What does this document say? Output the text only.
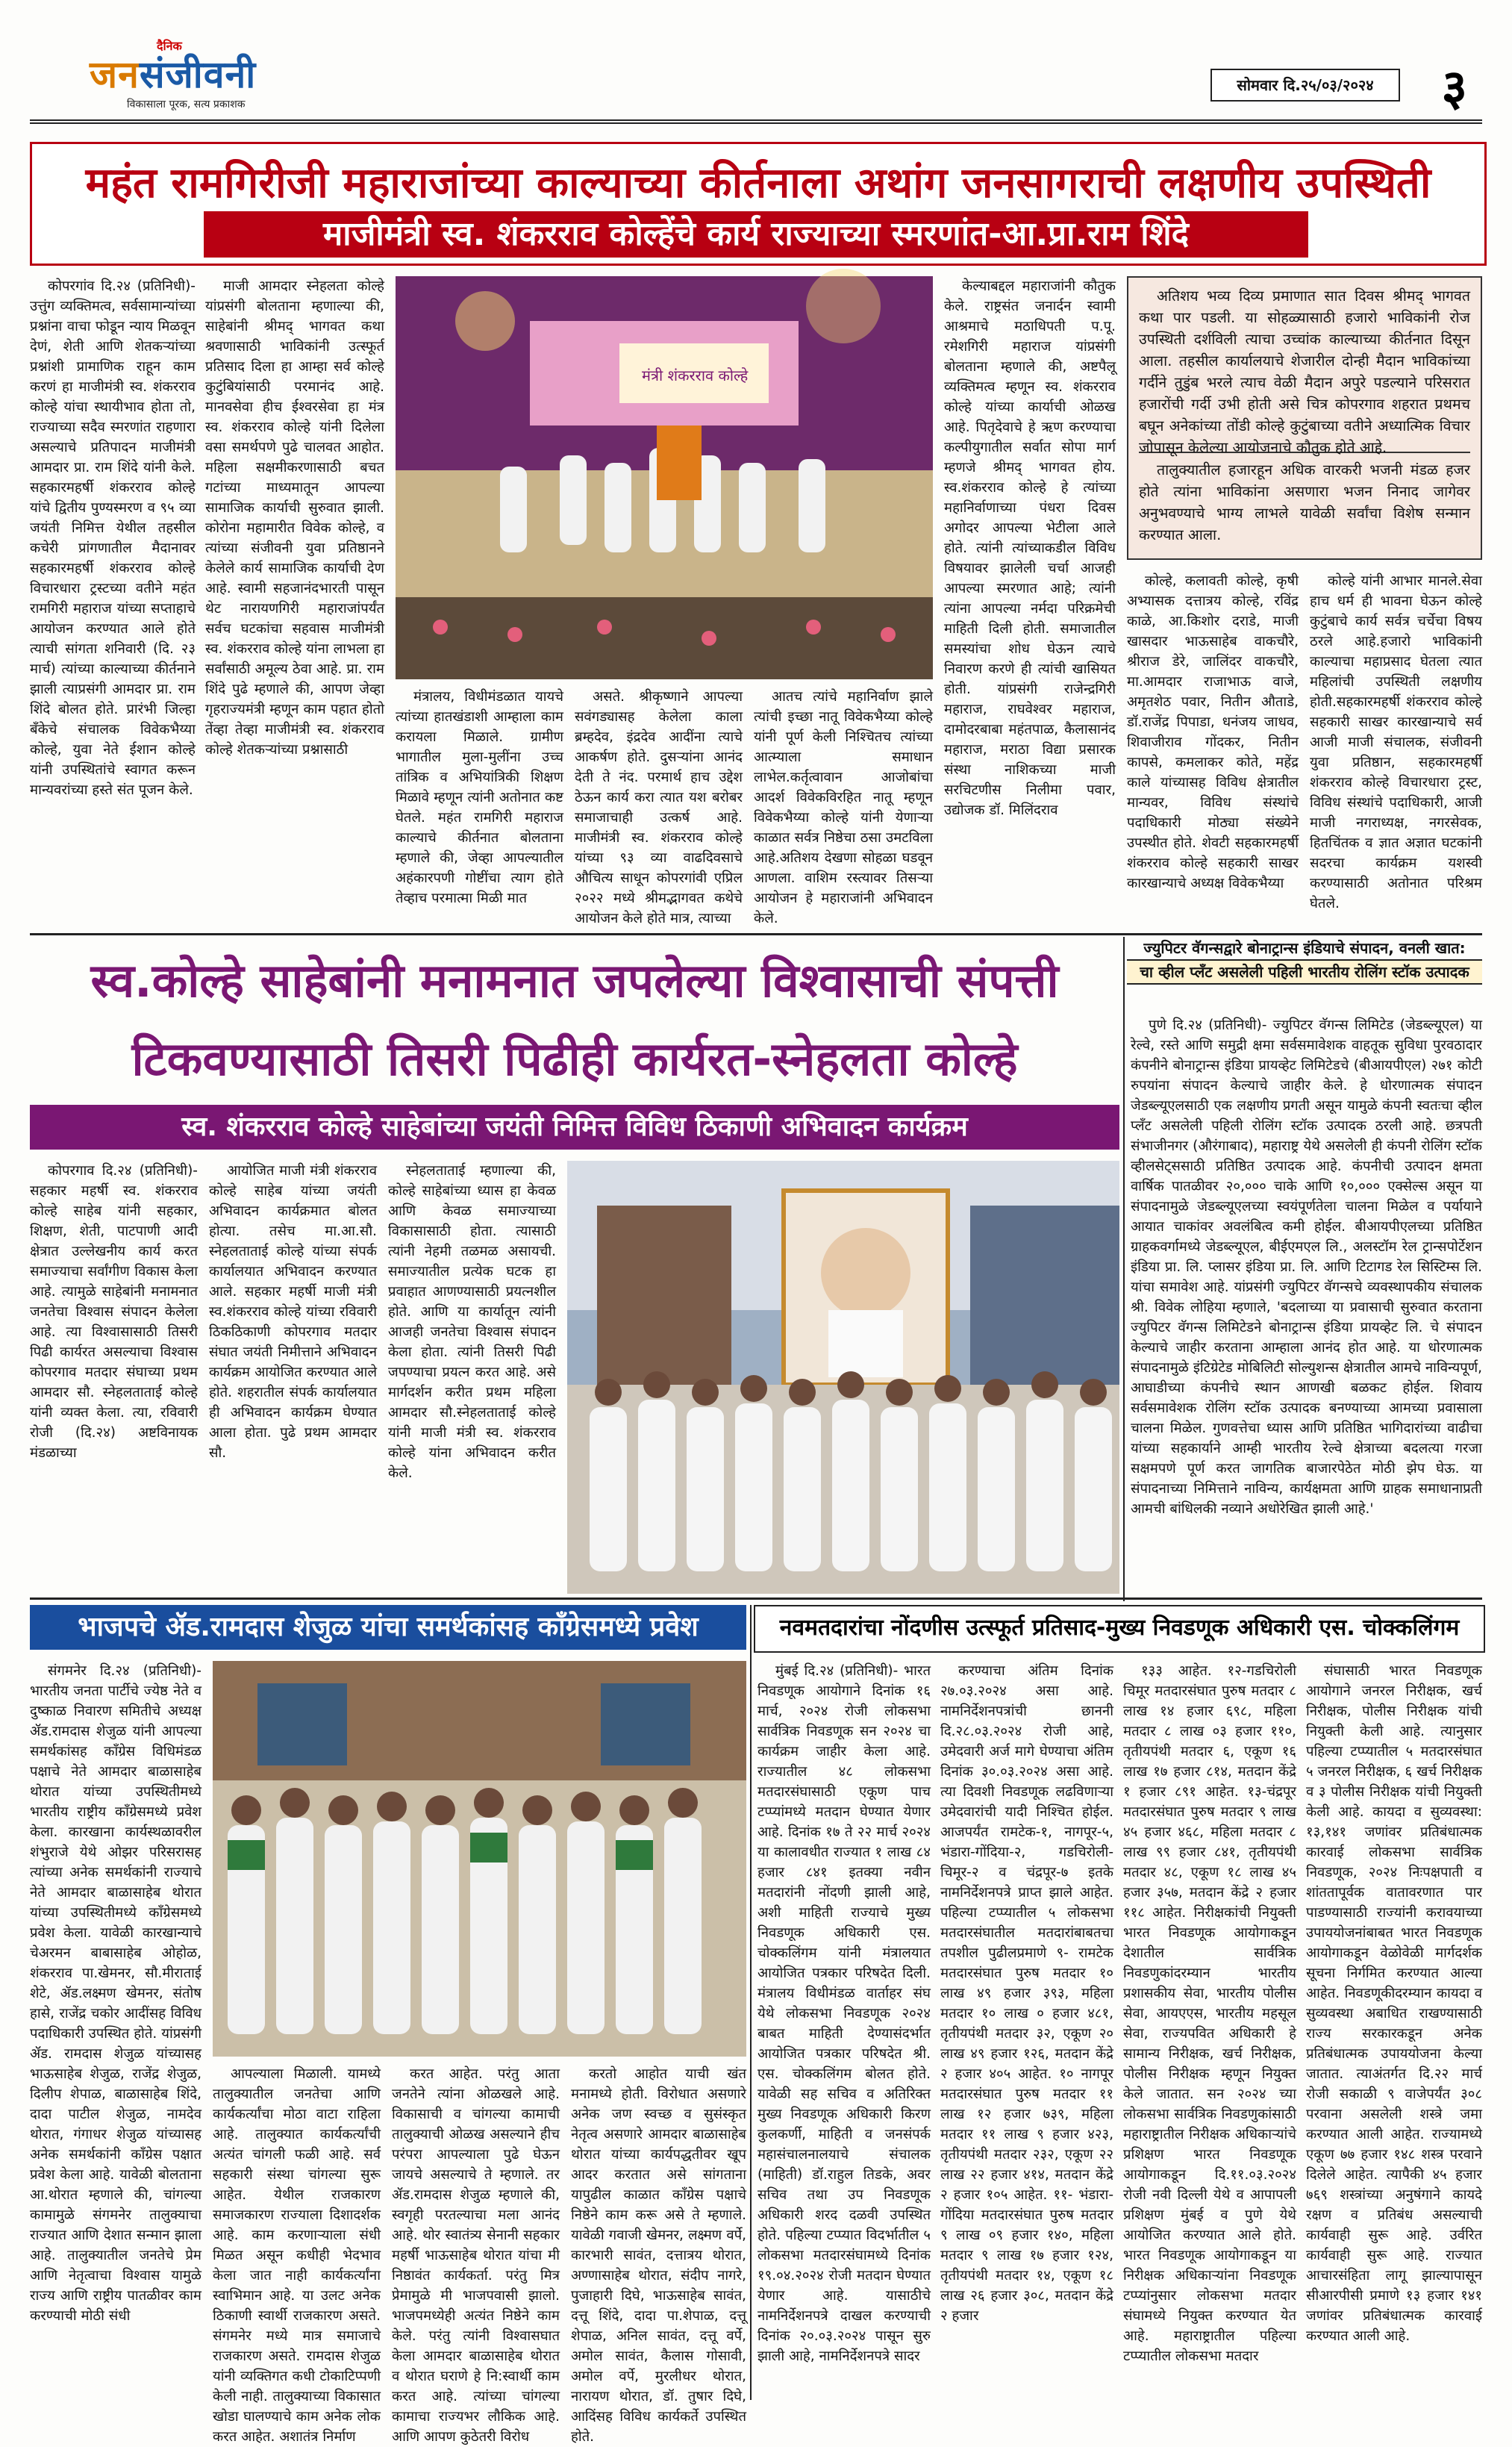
दैनिक
जनसंजीवनी
विकासाला पूरक, सत्य प्रकाशक
सोमवार दि.२५/०३/२०२४	३
महंत रामगिरीजी महाराजांच्या काल्याच्या कीर्तनाला अथांग जनसागराची लक्षणीय उपस्थिती
माजीमंत्री स्व. शंकरराव कोल्हेंचे कार्य राज्याच्या स्मरणांत-आ.प्रा.राम शिंदे

कोपरगांव दि.२४ (प्रतिनिधी)- उत्तुंग व्यक्तिमत्व, सर्वसामान्यांच्या प्रश्नांना वाचा फोडून न्याय मिळवून देणं, शेती आणि शेतकऱ्यांच्या प्रश्नांशी प्रामाणिक राहून काम करणं हा माजीमंत्री स्व. शंकरराव कोल्हे यांचा स्थायीभाव होता तो, राज्याच्या सदैव स्मरणांत राहणारा असल्याचे प्रतिपादन माजीमंत्री आमदार प्रा. राम शिंदे यांनी केले. सहकारमहर्षी शंकरराव कोल्हे यांचे द्वितीय पुण्यस्मरण व ९५ व्या जयंती निमित्त येथील तहसील कचेरी प्रांगणातील मैदानावर सहकारमहर्षी शंकरराव कोल्हे विचारधारा ट्रस्टच्या वतीने महंत रामगिरी महाराज यांच्या सप्ताहाचे आयोजन करण्यात आले होते त्याची सांगता शनिवारी (दि. २३ मार्च) त्यांच्या काल्याच्या कीर्तनाने झाली त्याप्रसंगी आमदार प्रा. राम शिंदे बोलत होते. प्रारंभी जिल्हा बँकेचे संचालक विवेकभैय्या कोल्हे, युवा नेते ईशान कोल्हे यांनी उपस्थितांचे स्वागत करून मान्यवरांच्या हस्ते संत पूजन केले.

माजी आमदार स्नेहलता कोल्हे यांप्रसंगी बोलताना म्हणाल्या की, साहेबांनी श्रीमद् भागवत कथा श्रवणासाठी भाविकांनी उत्स्फूर्त प्रतिसाद दिला हा आम्हा सर्व कोल्हे कुटुंबियांसाठी परमानंद आहे. मानवसेवा हीच ईश्वरसेवा हा मंत्र स्व. शंकरराव कोल्हे यांनी दिलेला वसा समर्थपणे पुढे चालवत आहोत. महिला सक्षमीकरणासाठी बचत गटांच्या माध्यमातून आपल्या सामाजिक कार्याची सुरुवात झाली. कोरोना महामारीत विवेक कोल्हे, व त्यांच्या संजीवनी युवा प्रतिष्ठानने केलेले कार्य सामाजिक कार्याची देण आहे. स्वामी सहजानंदभारती पासून थेट नारायणगिरी महाराजांपर्यंत सर्वच घटकांचा सहवास माजीमंत्री स्व. शंकरराव कोल्हे यांना लाभला हा सर्वांसाठी अमूल्य ठेवा आहे. प्रा. राम शिंदे पुढे म्हणाले की, आपण जेव्हा गृहराज्यमंत्री म्हणून काम पहात होतो तेंव्हा तेव्हा माजीमंत्री स्व. शंकरराव कोल्हे शेतकऱ्यांच्या प्रश्नासाठी

मंत्री शंकरराव कोल्हे

मंत्रालय, विधीमंडळात यायचे त्यांच्या हातखंडाशी आम्हाला काम करायला मिळाले. ग्रामीण भागातील मुला-मुलींना उच्च तांत्रिक व अभियांत्रिकी शिक्षण मिळावे म्हणून त्यांनी अतोनात कष्ट घेतले. महंत रामगिरी महाराज काल्याचे कीर्तनात बोलताना म्हणाले की, जेव्हा आपल्यातील अहंकारपणी गोष्टींचा त्याग होते तेव्हाच परमात्मा मिळी मात

असते. श्रीकृष्णाने आपल्या सवंगड्यासह केलेला काला ब्रम्हदेव, इंद्रदेव आदींना त्याचे आकर्षण होते. दुसऱ्यांना आनंद देती ते नंद. परमार्थ हाच उद्देश ठेऊन कार्य करा त्यात यश बरोबर समाजाचाही उत्कर्ष आहे. माजीमंत्री स्व. शंकरराव कोल्हे यांच्या ९३ व्या वाढदिवसाचे औचित्य साधून कोपरगांवी एप्रिल २०२२ मध्ये श्रीमद्भागवत कथेचे आयोजन केले होते मात्र, त्याच्या

आतच त्यांचे महानिर्वाण झाले त्यांची इच्छा नातू विवेकभैय्या कोल्हे यांनी पूर्ण केली निश्चितच त्यांच्या आत्म्याला समाधान लाभेल.कर्तृत्वावान आजोबांचा आदर्श विवेकविरहित नातू म्हणून विवेकभैय्या कोल्हे यांनी येणाऱ्या काळात सर्वत्र निष्ठेचा ठसा उमटविला आहे.अतिशय देखणा सोहळा घडवून आणला. वाशिम रस्त्यावर तिसऱ्या आयोजन हे महाराजांनी अभिवादन केले.

केल्याबद्दल महाराजांनी कौतुक केले. राष्ट्रसंत जनार्दन स्वामी आश्रमाचे मठाधिपती प.पू. रमेशगिरी महाराज यांप्रसंगी बोलताना म्हणाले की, अष्टपैलू व्यक्तिमत्व म्हणून स्व. शंकरराव कोल्हे यांच्या कार्याची ओळख आहे. पितृदेवाचे हे ऋण करण्याचा कल्पीयुगातील सर्वात सोपा मार्ग म्हणजे श्रीमद् भागवत होय. स्व.शंकरराव कोल्हे हे त्यांच्या महानिर्वाणाच्या पंधरा दिवस अगोदर आपल्या भेटीला आले होते. त्यांनी त्यांच्याकडील विविध विषयावर झालेली चर्चा आजही आपल्या स्मरणात आहे; त्यांनी त्यांना आपल्या नर्मदा परिक्रमेची माहिती दिली होती. समाजातील समस्यांचा शोध घेऊन त्याचे निवारण करणे ही त्यांची खासियत होती. यांप्रसंगी राजेन्द्रगिरी महाराज, राघवेश्वर महाराज, दामोदरबाबा महंतपाळ, कैलासानंद महाराज, मराठा विद्या प्रसारक संस्था नाशिकच्या माजी सरचिटणीस निलीमा पवार, उद्योजक डॉ. मिलिंदराव

अतिशय भव्य दिव्य प्रमाणात सात दिवस श्रीमद् भागवत कथा पार पडली. या सोहळ्यासाठी हजारो भाविकांनी रोज उपस्थिती दर्शविली त्याचा उच्चांक काल्याच्या कीर्तनात दिसून आला. तहसील कार्यालयाचे शेजारील दोन्ही मैदान भाविकांच्या गर्दीने तुडुंब भरले त्याच वेळी मैदान अपुरे पडल्याने परिसरात हजारोंची गर्दी उभी होती असे चित्र कोपरगाव शहरात प्रथमच बघून अनेकांच्या तोंडी कोल्हे कुटुंबाच्या वतीने अध्यात्मिक विचार जोपासून केलेल्या आयोजनाचे कौतुक होते आहे.

तालुक्यातील हजारहून अधिक वारकरी भजनी मंडळ हजर होते त्यांना भाविकांना असणारा भजन निनाद जागेवर अनुभवण्याचे भाग्य लाभले यावेळी सर्वांचा विशेष सन्मान करण्यात आला.

कोल्हे, कलावती कोल्हे, कृषी अभ्यासक दत्तात्रय कोल्हे, रविंद्र काळे, आ.किशोर दराडे, माजी खासदार भाऊसाहेब वाकचौरे, श्रीराज डेरे, जालिंदर वाकचौरे, मा.आमदार राजाभाऊ वाजे, अमृतशेठ पवार, नितीन औताडे, डॉ.राजेंद्र पिपाडा, धनंजय जाधव, शिवाजीराव गोंदकर, नितीन कापसे, कमलाकर कोते, महेंद्र काले यांच्यासह विविध क्षेत्रातील मान्यवर, विविध संस्थांचे पदाधिकारी मोठ्या संख्येने उपस्थीत होते. शेवटी सहकारमहर्षी शंकरराव कोल्हे सहकारी साखर कारखान्याचे अध्यक्ष विवेकभैय्या

कोल्हे यांनी आभार मानले.सेवा हाच धर्म ही भावना घेऊन कोल्हे कुटुंबाचे कार्य सर्वत्र चर्चेचा विषय ठरले आहे.हजारो भाविकांनी काल्याचा महाप्रसाद घेतला त्यात महिलांची उपस्थिती लक्षणीय होती.सहकारमहर्षी शंकरराव कोल्हे सहकारी साखर कारखान्याचे सर्व आजी माजी संचालक, संजीवनी युवा प्रतिष्ठान, सहकारमहर्षी शंकरराव कोल्हे विचारधारा ट्रस्ट, विविध संस्थांचे पदाधिकारी, आजी माजी नगराध्यक्ष, नगरसेवक, हितचिंतक व ज्ञात अज्ञात घटकांनी सदरचा कार्यक्रम यशस्वी करण्यासाठी अतोनात परिश्रम घेतले.

स्व.कोल्हे साहेबांनी मनामनात जपलेल्या विश्वासाची संपत्ती
टिकवण्यासाठी तिसरी पिढीही कार्यरत-स्नेहलता कोल्हे
स्व. शंकरराव कोल्हे साहेबांच्या जयंती निमित्त विविध ठिकाणी अभिवादन कार्यक्रम

कोपरगाव दि.२४ (प्रतिनिधी)- सहकार महर्षी स्व. शंकरराव कोल्हे साहेब यांनी सहकार, शिक्षण, शेती, पाटपाणी आदी क्षेत्रात उल्लेखनीय कार्य करत समाज्याचा सर्वांगीण विकास केला आहे. त्यामुळे साहेबांनी मनामनात जनतेचा विश्वास संपादन केलेला आहे. त्या विश्वासासाठी तिसरी पिढी कार्यरत असल्याचा विश्वास कोपरगाव मतदार संघाच्या प्रथम आमदार सौ. स्नेहलताताई कोल्हे यांनी व्यक्त केला. त्या, रविवारी रोजी (दि.२४) अष्टविनायक मंडळाच्या

आयोजित माजी मंत्री शंकरराव कोल्हे साहेब यांच्या जयंती अभिवादन कार्यक्रमात बोलत होत्या. तसेच मा.आ.सौ. स्नेहलताताई कोल्हे यांच्या संपर्क कार्यालयात अभिवादन करण्यात आले. सहकार महर्षी माजी मंत्री स्व.शंकरराव कोल्हे यांच्या रविवारी ठिकठिकाणी कोपरगाव मतदार संघात जयंती निमीत्ताने अभिवादन कार्यक्रम आयोजित करण्यात आले होते. शहरातील संपर्क कार्यालयात ही अभिवादन कार्यक्रम घेण्यात आला होता. पुढे प्रथम आमदार सौ.

स्नेहलताताई म्हणाल्या की, कोल्हे साहेबांच्या ध्यास हा केवळ आणि केवळ समाज्याच्या विकासासाठी होता. त्यासाठी त्यांनी नेहमी तळमळ असायची. समाज्यातील प्रत्येक घटक हा प्रवाहात आणण्यासाठी प्रयत्नशील होते. आणि या कार्यातून त्यांनी आजही जनतेचा विश्वास संपादन केला होता. त्यांनी तिसरी पिढी जपण्याचा प्रयत्न करत आहे. असे मार्गदर्शन करीत प्रथम महिला आमदार सौ.स्नेहलताताई कोल्हे यांनी माजी मंत्री स्व. शंकरराव कोल्हे यांना अभिवादन करीत केले.

ज्युपिटर वॅगन्सद्वारे बोनाट्रान्स इंडियाचे संपादन, वनली खात:
चा व्हील प्लॅंट असलेली पहिली भारतीय रोलिंग स्टॉक उत्पादक

पुणे दि.२४ (प्रतिनिधी)- ज्युपिटर वॅगन्स लिमिटेड (जेडब्ल्यूएल) या रेल्वे, रस्ते आणि समुद्री क्षमा सर्वसमावेशक वाहतूक सुविधा पुरवठादार कंपनीने बोनाट्रान्स इंडिया प्रायव्हेट लिमिटेडचे (बीआयपीएल) २७१ कोटी रुपयांना संपादन केल्याचे जाहीर केले. हे धोरणात्मक संपादन जेडब्ल्यूएलसाठी एक लक्षणीय प्रगती असून यामुळे कंपनी स्वतःचा व्हील प्लँट असलेली पहिली रोलिंग स्टॉक उत्पादक ठरली आहे. छत्रपती संभाजीनगर (औरंगाबाद), महाराष्ट्र येथे असलेली ही कंपनी रोलिंग स्टॉक व्हीलसेट्ससाठी प्रतिष्ठित उत्पादक आहे. कंपनीची उत्पादन क्षमता वार्षिक पातळीवर २०,००० चाके आणि १०,००० एक्सेल्स असून या संपादनामुळे जेडब्ल्यूएलच्या स्वयंपूर्णतेला चालना मिळेल व पर्यायाने आयात चाकांवर अवलंबित्व कमी होईल. बीआयपीएलच्या प्रतिष्ठित ग्राहकवर्गामध्ये जेडब्ल्यूएल, बीईएमएल लि., अलस्टॉम रेल ट्रान्सपोर्टेशन इंडिया प्रा. लि. प्लासर इंडिया प्रा. लि. आणि टिटागड रेल सिस्टिम्स लि. यांचा समावेश आहे. यांप्रसंगी ज्युपिटर वॅगन्सचे व्यवस्थापकीय संचालक श्री. विवेक लोहिया म्हणाले, 'बदलाच्या या प्रवासाची सुरुवात करताना ज्युपिटर वॅगन्स लिमिटेडने बोनाट्रान्स इंडिया प्रायव्हेट लि. चे संपादन केल्याचे जाहीर करताना आम्हाला आनंद होत आहे. या धोरणात्मक संपादनामुळे इंटिग्रेटेड मोबिलिटी सोल्युशन्स क्षेत्रातील आमचे नाविन्यपूर्ण, आघाडीच्या कंपनीचे स्थान आणखी बळकट होईल. शिवाय सर्वसमावेशक रोलिंग स्टॉक उत्पादक बनण्याच्या आमच्या प्रवासाला चालना मिळेल. गुणवत्तेचा ध्यास आणि प्रतिष्ठित भागिदारांच्या वाढीचा यांच्या सहकार्याने आम्ही भारतीय रेल्वे क्षेत्राच्या बदलत्या गरजा सक्षमपणे पूर्ण करत जागतिक बाजारपेठेत मोठी झेप घेऊ. या संपादनाच्या निमित्ताने नाविन्य, कार्यक्षमता आणि ग्राहक समाधानाप्रती आमची बांधिलकी नव्याने अधोरेखित झाली आहे.'

भाजपचे ॲड.रामदास शेजुळ यांचा समर्थकांसह काँग्रेसमध्ये प्रवेश

संगमनेर दि.२४ (प्रतिनिधी)- भारतीय जनता पार्टीचे ज्येष्ठ नेते व दुष्काळ निवारण समितीचे अध्यक्ष ॲड.रामदास शेजुळ यांनी आपल्या समर्थकांसह काँग्रेस विधिमंडळ पक्षाचे नेते आमदार बाळासाहेब थोरात यांच्या उपस्थितीमध्ये भारतीय राष्ट्रीय काँग्रेसमध्ये प्रवेश केला. कारखाना कार्यस्थळावरील शंभुराजे येथे ओझर परिसरासह त्यांच्या अनेक समर्थकांनी राज्याचे नेते आमदार बाळासाहेब थोरात यांच्या उपस्थितीमध्ये काँग्रेसमध्ये प्रवेश केला. यावेळी कारखान्याचे चेअरमन बाबासाहेब ओहोळ, शंकरराव पा.खेमनर, सौ.मीराताई शेटे, ॲड.लक्ष्मण खेमनर, संतोष हासे, राजेंद्र चकोर आदींसह विविध पदाधिकारी उपस्थित होते. यांप्रसंगी ॲड. रामदास शेजुळ यांच्यासह भाऊसाहेब शेजुळ, राजेंद्र शेजुळ, दिलीप शेपाळ, बाळासाहेब शिंदे, दादा पाटील शेजुळ, नामदेव थोरात, गंगाधर शेजुळ यांच्यासह अनेक समर्थकांनी काँग्रेस पक्षात प्रवेश केला आहे. यावेळी बोलताना आ.थोरात म्हणाले की, चांगल्या कामामुळे संगमनेर तालुक्याचा राज्यात आणि देशात सन्मान झाला आहे. तालुक्यातील जनतेचे प्रेम आणि नेतृत्वाचा विश्वास यामुळे राज्य आणि राष्ट्रीय पातळीवर काम करण्याची मोठी संधी

आपल्याला मिळाली. यामध्ये तालुक्यातील जनतेचा आणि कार्यकर्त्यांचा मोठा वाटा राहिला आहे. तालुक्यात कार्यकर्त्यांची अत्यंत चांगली फळी आहे. सर्व सहकारी संस्था चांगल्या सुरू आहेत. येथील राजकारण समाजकारण राज्याला दिशादर्शक आहे. काम करणाऱ्याला संधी मिळत असून कधीही भेदभाव केला जात नाही कार्यकर्त्यांना स्वाभिमान आहे. या उलट अनेक ठिकाणी स्वार्थी राजकारण असते. संगमनेर मध्ये मात्र समाजाचे राजकारण असते. रामदास शेजुळ यांनी व्यक्तिगत कधी टोकाटिप्पणी केली नाही. तालुक्याच्या विकासात खोडा घालण्याचे काम अनेक लोक करत आहेत. अशातंत्र निर्माण

करत आहेत. परंतु आता जनतेने त्यांना ओळखले आहे. विकासाची व चांगल्या कामाची तालुक्याची ओळख असल्याने हीच परंपरा आपल्याला पुढे घेऊन जायचे असल्याचे ते म्हणाले. तर ॲड.रामदास शेजुळ म्हणाले की, स्वगृही परतल्याचा मला आनंद आहे. थोर स्वातंत्र्य सेनानी सहकार महर्षी भाऊसाहेब थोरात यांचा मी निष्ठावंत कार्यकर्ता. परंतु मित्र प्रेमामुळे मी भाजपवासी झालो. भाजपमध्येही अत्यंत निष्ठेने काम केले. परंतु त्यांनी विश्वासघात केला आमदार बाळासाहेब थोरात व थोरात घराणे हे नि:स्वार्थी काम करत आहे. त्यांच्या चांगल्या कामाचा राज्यभर लौकिक आहे. आणि आपण कुठेतरी विरोध

करतो आहोत याची खंत मनामध्ये होती. विरोधात असणारे अनेक जण स्वच्छ व सुसंस्कृत नेतृत्व असणारे आमदार बाळासाहेब थोरात यांच्या कार्यपद्धतीवर खूप आदर करतात असे सांगताना यापुढील काळात काँग्रेस पक्षाचे निष्ठेने काम करू असे ते म्हणाले. यावेळी गवाजी खेमनर, लक्ष्मण वर्पे, कारभारी सावंत, दत्तात्रय थोरात, अण्णासाहेब थोरात, संदीप नागरे, पुजाहारी दिघे, भाऊसाहेब सावंत, दत्तू शिंदे, दादा पा.शेपाळ, दत्तू शेपाळ, अनिल सावंत, दत्तू वर्पे, अमोल सावंत, कैलास गोसावी, अमोल वर्पे, मुरलीधर थोरात, नारायण थोरात, डॉ. तुषार दिघे, आदिंसह विविध कार्यकर्ते उपस्थित होते.

नवमतदारांचा नोंदणीस उत्स्फूर्त प्रतिसाद-मुख्य निवडणूक अधिकारी एस. चोक्कलिंगम

मुंबई दि.२४ (प्रतिनिधी)- भारत निवडणूक आयोगाने दिनांक १६ मार्च, २०२४ रोजी लोकसभा सार्वत्रिक निवडणूक सन २०२४ चा कार्यक्रम जाहीर केला आहे. राज्यातील ४८ लोकसभा मतदारसंघासाठी एकूण पाच टप्प्यांमध्ये मतदान घेण्यात येणार आहे. दिनांक १७ ते २२ मार्च २०२४ या कालावधीत राज्यात १ लाख ८४ हजार ८४१ इतक्या नवीन मतदारांनी नोंदणी झाली आहे, अशी माहिती राज्याचे मुख्य निवडणूक अधिकारी एस. चोक्कलिंगम यांनी मंत्रालयात आयोजित पत्रकार परिषदेत दिली. मंत्रालय विधीमंडळ वार्ताहर संघ येथे लोकसभा निवडणूक २०२४ बाबत माहिती देण्यासंदर्भात आयोजित पत्रकार परिषदेत श्री. एस. चोक्कलिंगम बोलत होते. यावेळी सह सचिव व अतिरिक्त मुख्य निवडणूक अधिकारी किरण कुलकर्णी, माहिती व जनसंपर्क महासंचालनालयाचे संचालक (माहिती) डॉ.राहुल तिडके, अवर सचिव तथा उप निवडणूक अधिकारी शरद दळवी उपस्थित होते. पहिल्या टप्प्यात विदर्भातील ५ लोकसभा मतदारसंघामध्ये दिनांक १९.०४.२०२४ रोजी मतदान घेण्यात येणार आहे. यासाठीचे नामनिर्देशनपत्रे दाखल करण्याची दिनांक २०.०३.२०२४ पासून सुरु झाली आहे, नामनिर्देशनपत्रे सादर

करण्याचा अंतिम दिनांक २७.०३.२०२४ असा आहे. नामनिर्देशनपत्रांची छाननी दि.२८.०३.२०२४ रोजी आहे, उमेदवारी अर्ज मागे घेण्याचा अंतिम दिनांक ३०.०३.२०२४ असा आहे. त्या दिवशी निवडणूक लढविणाऱ्या उमेदवारांची यादी निश्चित होईल. आजपर्यंत रामटेक-१, नागपूर-५, भंडारा-गोंदिया-२, गडचिरोली-चिमूर-२ व चंद्रपूर-७ इतके नामनिर्देशनपत्रे प्राप्त झाले आहेत. पहिल्या टप्प्यातील ५ लोकसभा मतदारसंघातील मतदारांबाबतचा तपशील पुढीलप्रमाणे ९- रामटेक मतदारसंघात पुरुष मतदार १० लाख ४९ हजार ३९३, महिला मतदार १० लाख ० हजार ४८१, तृतीयपंथी मतदार ३२, एकूण २० लाख ४९ हजार १२६, मतदान केंद्रे २ हजार ४०५ आहेत. १० नागपूर मतदारसंघात पुरुष मतदार ११ लाख १२ हजार ७३९, महिला मतदार ११ लाख ९ हजार ४२३, तृतीयपंथी मतदार २३२, एकूण २२ लाख २२ हजार ४१४, मतदान केंद्रे २ हजार १०५ आहेत. ११- भंडारा-गोंदिया मतदारसंघात पुरुष मतदार ९ लाख ०९ हजार १४०, महिला मतदार ९ लाख १७ हजार १२४, तृतीयपंथी मतदार १४, एकूण १८ लाख २६ हजार ३०८, मतदान केंद्रे २ हजार

१३३ आहेत. १२-गडचिरोली चिमूर मतदारसंघात पुरुष मतदार ८ लाख १४ हजार ६९८, महिला मतदार ८ लाख ०३ हजार ११०, तृतीयपंथी मतदार ६, एकूण १६ लाख १७ हजार ८१४, मतदान केंद्रे १ हजार ८९१ आहेत. १३-चंद्रपूर मतदारसंघात पुरुष मतदार ९ लाख ४५ हजार ४६८, महिला मतदार ८ लाख ९९ हजार ८४१, तृतीयपंथी मतदार ४८, एकूण १८ लाख ४५ हजार ३५७, मतदान केंद्रे २ हजार ११८ आहेत. निरीक्षकांची नियुक्ती भारत निवडणूक आयोगाकडून देशातील सार्वत्रिक निवडणुकांदरम्यान भारतीय प्रशासकीय सेवा, भारतीय पोलीस सेवा, आयएएस, भारतीय महसूल सेवा, राज्यपवित अधिकारी हे सामान्य निरीक्षक, खर्च निरीक्षक, पोलीस निरीक्षक म्हणून नियुक्त केले जातात. सन २०२४ च्या लोकसभा सार्वत्रिक निवडणुकांसाठी महाराष्ट्रातील निरीक्षक अधिकाऱ्यांचे प्रशिक्षण भारत निवडणूक आयोगाकडून दि.११.०३.२०२४ रोजी नवी दिल्ली येथे व आपापली प्रशिक्षण मुंबई व पुणे येथे आयोजित करण्यात आले होते. भारत निवडणूक आयोगाकडून या निरीक्षक अधिकाऱ्यांना निवडणूक टप्प्यांनुसार लोकसभा मतदार संघामध्ये नियुक्त करण्यात येत आहे. महाराष्ट्रातील पहिल्या टप्प्यातील लोकसभा मतदार

संघासाठी भारत निवडणूक आयोगाने जनरल निरीक्षक, खर्च निरीक्षक, पोलीस निरीक्षक यांची नियुक्ती केली आहे. त्यानुसार पहिल्या टप्प्यातील ५ मतदारसंघात ५ जनरल निरीक्षक, ६ खर्च निरीक्षक व ३ पोलीस निरीक्षक यांची नियुक्ती केली आहे. कायदा व सुव्यवस्था: १३,१४१ जणांवर प्रतिबंधात्मक कारवाई लोकसभा सार्वत्रिक निवडणूक, २०२४ निःपक्षपाती व शांततापूर्वक वातावरणात पार पाडण्यासाठी राज्यांनी करावयाच्या उपाययोजनांबाबत भारत निवडणूक आयोगाकडून वेळोवेळी मार्गदर्शक सूचना निर्गमित करण्यात आल्या आहेत. निवडणूकीदरम्यान कायदा व सुव्यवस्था अबाधित राखण्यासाठी राज्य सरकारकडून अनेक प्रतिबंधात्मक उपाययोजना केल्या जातात. त्याअंतर्गत दि.२२ मार्च रोजी सकाळी ९ वाजेपर्यंत ३०८ परवाना असलेली शस्त्रे जमा करण्यात आली आहेत. राज्यामध्ये एकूण ७७ हजार १४८ शस्त्र परवाने दिलेले आहेत. त्यापैकी ४५ हजार ७६९ शस्त्रांच्या अनुषंगाने कायदे रक्षण व प्रतिबंध असल्याची कार्यवाही सुरू आहे. उर्वरित कार्यवाही सुरू आहे. राज्यात आचारसंहिता लागू झाल्यापासून सीआरपीसी प्रमाणे १३ हजार १४१ जणांवर प्रतिबंधात्मक कारवाई करण्यात आली आहे.
